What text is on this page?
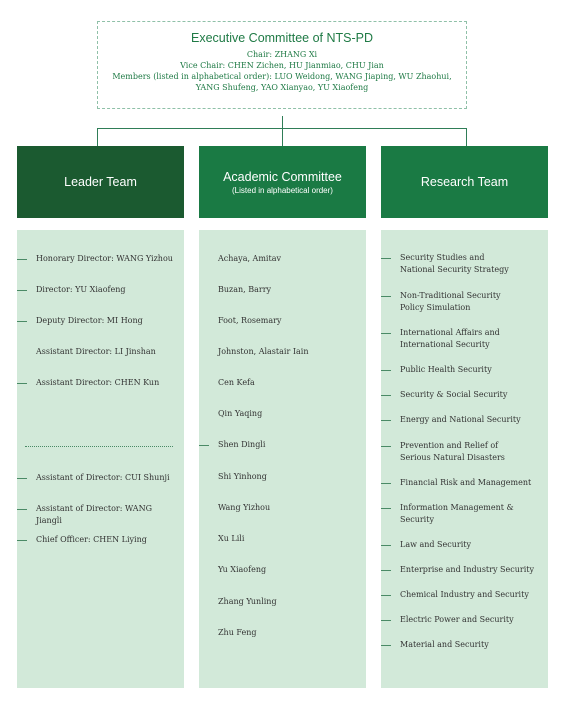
Executive Committee of NTS-PD
Chair: ZHANG Xi
Vice Chair: CHEN Zichen, HU Jianmiao, CHU Jian
Members (listed in alphabetical order): LUO Weidong, WANG Jiaping, WU Zhaohui,
YANG Shufeng, YAO Xianyao, YU Xiaofeng
Leader Team	Academic Committee
(Listed in alphabetical order)
Research Team
Honorary Director: WANG Yizhou
Director: YU Xiaofeng
Deputy Director: MI Hong
Assistant Director: LI Jinshan
Assistant Director: CHEN Kun
Assistant of Director: CUI Shunji
Assistant of Director: WANG Jiangli
Chief Officer: CHEN Liying
Achaya, Amitav
Buzan, Barry
Foot, Rosemary
Johnston, Alastair Iain
Cen Kefa
Qin Yaqing
Shen Dingli
Shi Yinhong
Wang Yizhou
Xu Lili
Yu Xiaofeng
Zhang Yunling
Zhu Feng
Security Studies and National Security Strategy
Non-Traditional Security Policy Simulation
International Affairs and International Security
Public Health Security
Security & Social Security
Energy and National Security
Prevention and Relief of Serious Natural Disasters
Financial Risk and Management
Information Management & Security
Law and Security
Enterprise and Industry Security
Chemical Industry and Security
Electric Power and Security
Material and Security
